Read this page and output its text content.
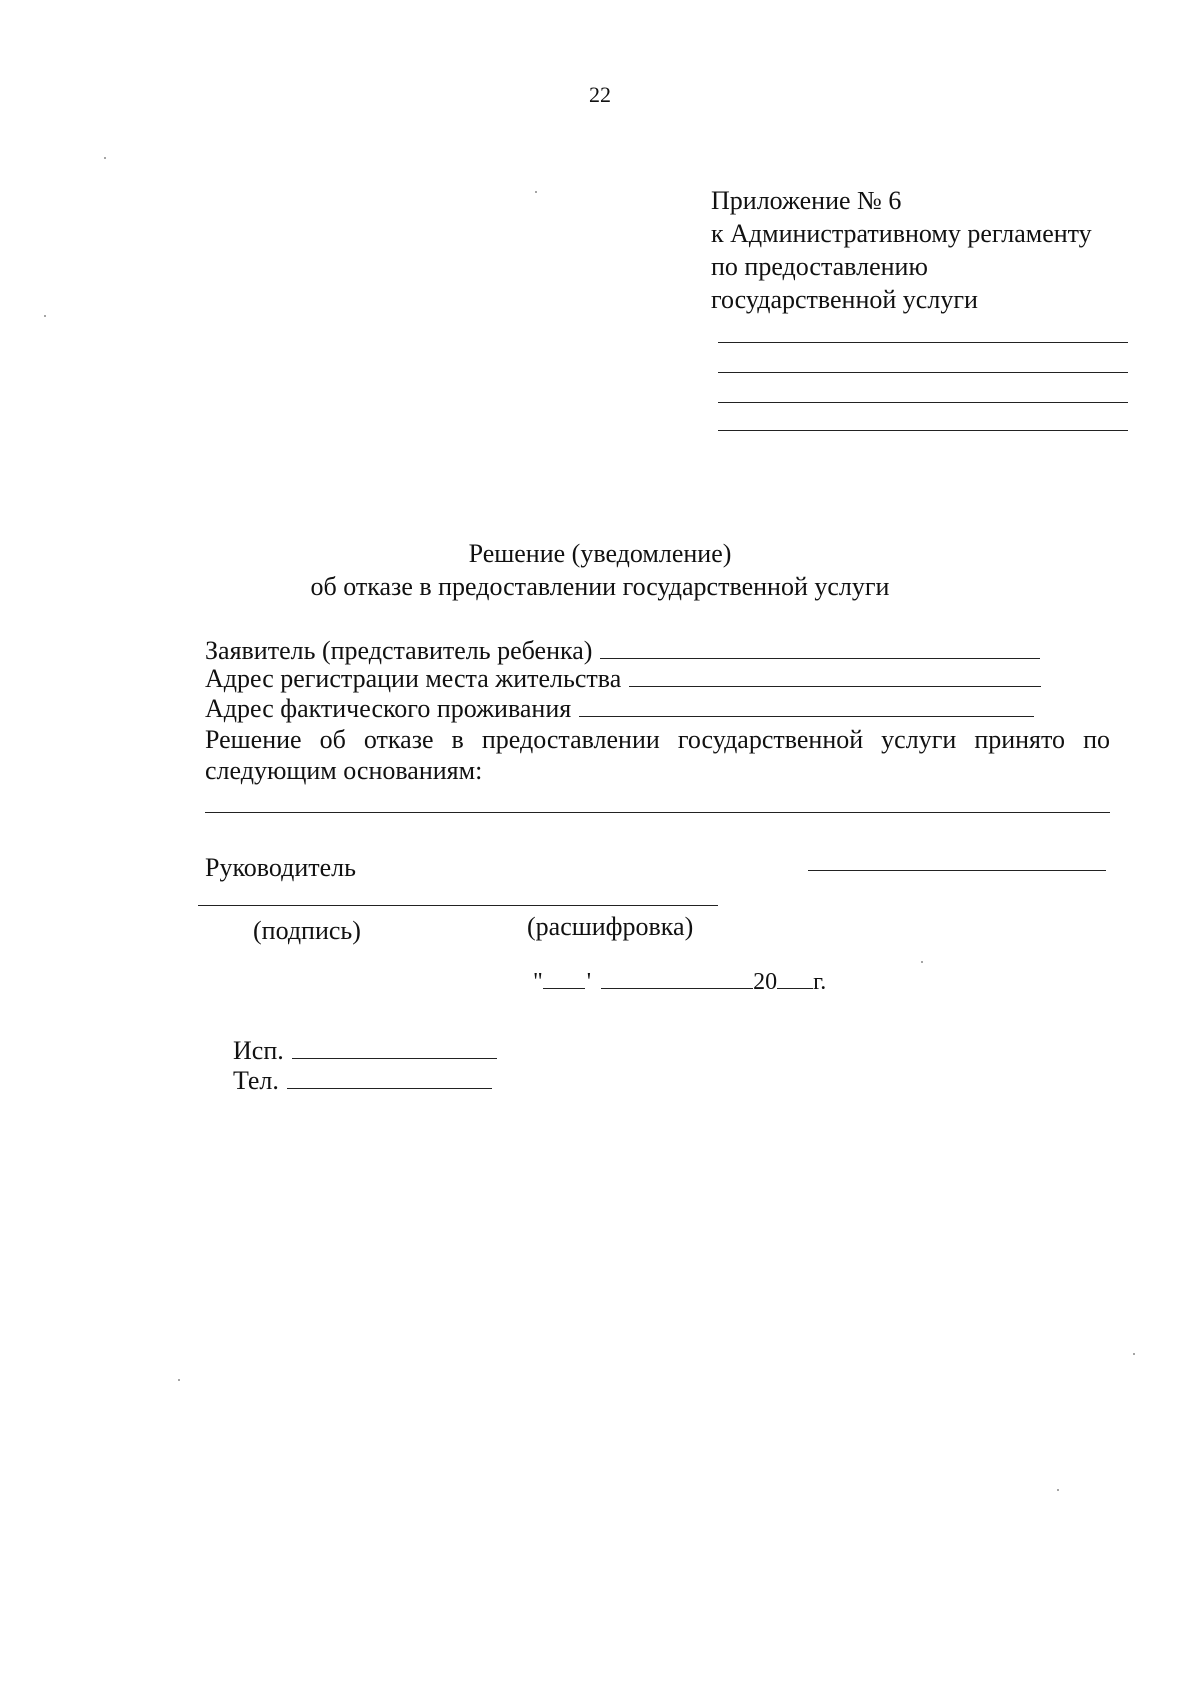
22
Приложение № 6
к Административному регламенту
по предоставлению
государственной услуги
Решение (уведомление)
об отказе в предоставлении государственной услуги
Заявитель (представитель ребенка)
Адрес регистрации места жительства
Адрес фактического проживания
Решение об отказе в предоставлении государственной услуги принято по следующим основаниям:
Руководитель
(подпись)	(расшифровка)
" '	20 г.
Исп.
Тел.
